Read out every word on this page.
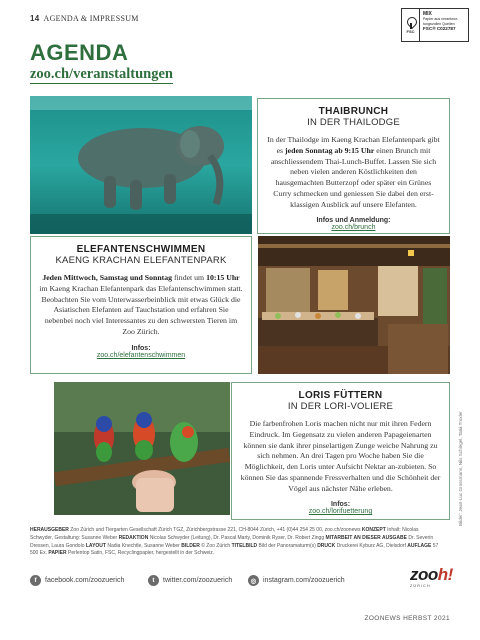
14 AGENDA & IMPRESSUM
FSC
MIX
Papier aus verantwor-
tungsvollen Quellen
FSC® C022787
AGENDA
zoo.ch/veranstaltungen
THAIBRUNCH
IN DER THAILODGE
In der Thailodge im Kaeng Krachan Elefantenpark gibt es jeden Sonntag ab 9:15 Uhr einen Brunch mit anschliessendem Thai-Lunch-Buffet. Lassen Sie sich neben vielen anderen Köstlichkeiten den hausgemachten Butterzopf oder später ein Grünes Curry schmecken und geniessen Sie dabei den erst-klassigen Ausblick auf unsere Elefanten.
Infos und Anmeldung:
zoo.ch/brunch
ELEFANTENSCHWIMMEN
KAENG KRACHAN ELEFANTENPARK
Jeden Mittwoch, Samstag und Sonntag findet um 10:15 Uhr im Kaeng Krachan Elefantenpark das Elefantenschwimmen statt. Beobachten Sie vom Unterwasserbeinblick mit etwas Glück die Asiatischen Elefanten auf Tauchstation und erfahren Sie nebenbei noch viel Interessantes zu den schwersten Tieren im Zoo Zürich.
Infos:
zoo.ch/elefantenschwimmen
LORIS FÜTTERN
IN DER LORI-VOLIERE
Die farbenfrohen Loris machen nicht nur mit ihren Federn Eindruck. Im Gegensatz zu vielen anderen Papageienarten können sie dank ihrer pinselartigen Zunge weiche Nahrung zu sich nehmen. An drei Tagen pro Woche haben Sie die Möglichkeit, den Loris unter Aufsicht Nektar an-zubieten. So können Sie das spannende Fressverhalten und die Schönheit der Vögel aus nächster Nähe erleben.
Infos:
zoo.ch/lorifuetterung	Bilder: Jean-Luc Grossmann, Nils Schlegel, Tatiá Troxler
HERAUSGEBER Zoo Zürich und Tiergarten Gesellschaft Zürich TGZ, Zürichbergstrasse 221, CH-8044 Zürich, +41 (0)44 254 25 00, zoo.ch/zoonews KONZEPT Inhalt: Nicolas Schwyder, Gestaltung: Susanne Weber REDAKTION Nicolas Schwyder (Leitung), Dr. Pascal Marty, Dominik Ryser, Dr. Robert Zingg MITARBEIT AN DIESER AUSGABE Dr. Severin Dressen, Laura Gondolo LAYOUT Nadia Knechtle, Susanne Weber BILDER © Zoo Zürich TITELBILD Bild der Panoramaturm(s) DRUCK Druckerei Kyburz AG, Dielsdorf AUFLAGE 57 500 Ex. PAPIER Perlentop Satin, FSC, Recyclingpapier, hergestellt in der Schweiz.
f	facebook.com/zoozuerich	t	twitter.com/zoozuerich	◎ instagram.com/zoozuerich	zooh!
ZÜRICH
ZOONEWS HERBST 2021
